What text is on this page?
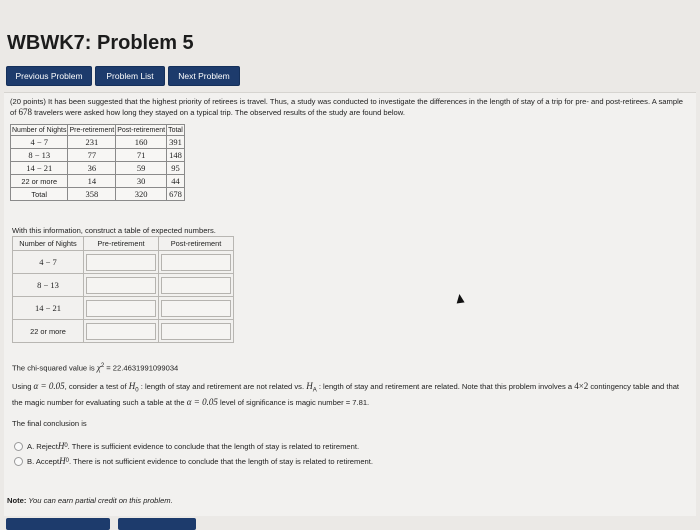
WBWK7: Problem 5
Previous Problem	Problem List	Next Problem
(20 points) It has been suggested that the highest priority of retirees is travel. Thus, a study was conducted to investigate the differences in the length of stay of a trip for pre- and post-retirees. A sample of 678 travelers were asked how long they stayed on a typical trip. The observed results of the study are found below.
Number of Nights	Pre-retirement	Post-retirement	Total
4 − 7	231	160	391
8 − 13	77	71	148
14 − 21	36	59	95
22 or more	14	30	44
Total	358	320	678
With this information, construct a table of expected numbers.
Number of Nights	Pre-retirement	Post-retirement
4 − 7	

8 − 13	

14 − 21	

22 or more	

The chi-squared value is $\chi^2 = 22.4631991099034$
Using α = 0.05, consider a test of $H_0$ : length of stay and retirement are not related vs. $H_A$ : length of stay and retirement are related. Note that this problem involves a 4×2 contingency table and that the magic number for evaluating such a table at the α = 0.05 level of significance is magic number = 7.81.
The final conclusion is
A. Reject H 0 . There is sufficient evidence to conclude that the length of stay is related to retirement.
B. Accept H 0 . There is not sufficient evidence to conclude that the length of stay is related to retirement.
Note: You can earn partial credit on this problem.
